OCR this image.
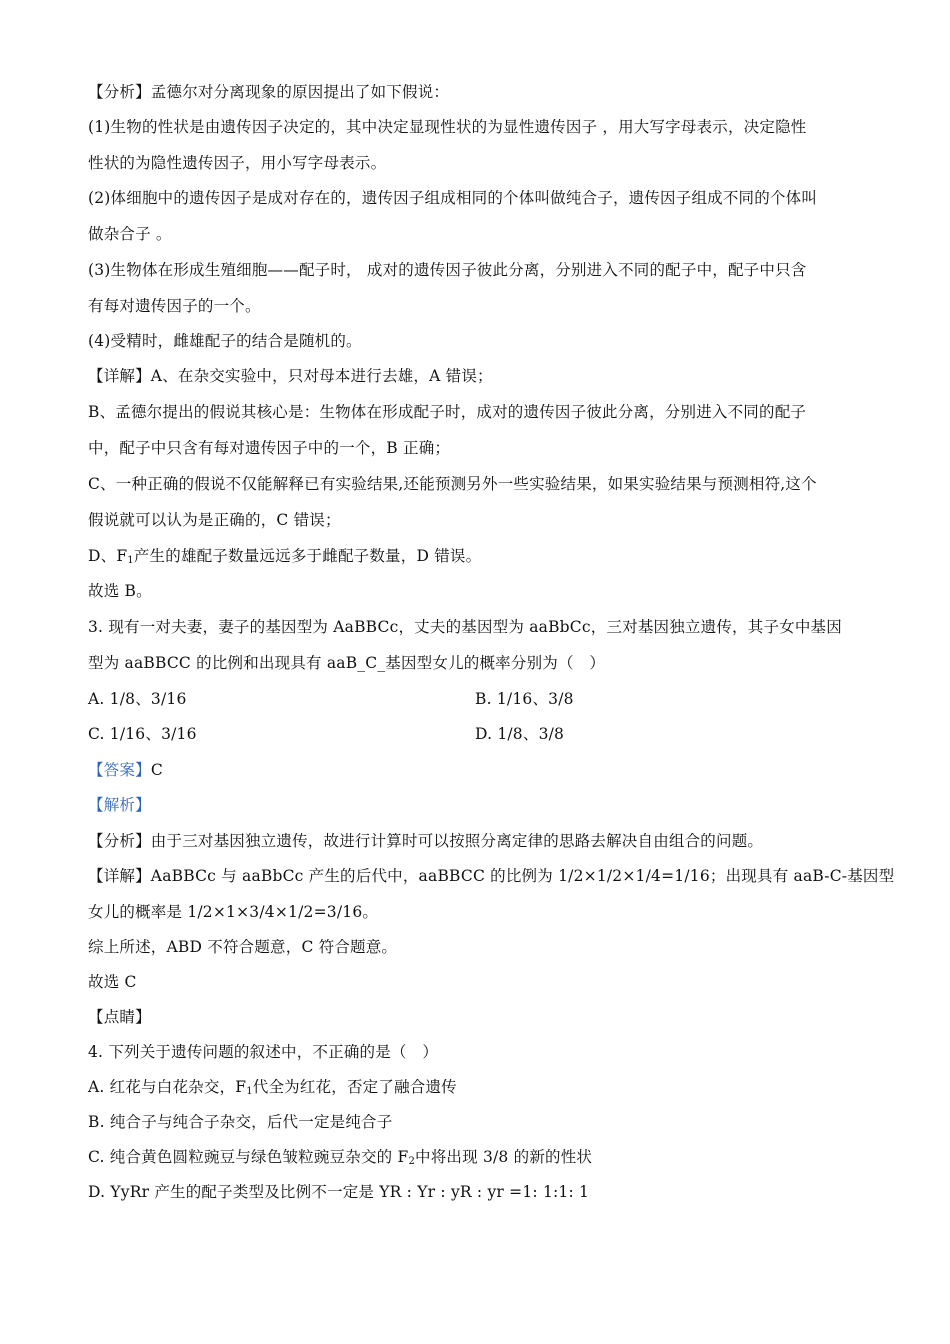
【分析】孟德尔对分离现象的原因提出了如下假说：
(1)生物的性状是由遗传因子决定的，其中决定显现性状的为显性遗传因子 ，用大写字母表示，决定隐性
性状的为隐性遗传因子，用小写字母表示。
(2)体细胞中的遗传因子是成对存在的，遗传因子组成相同的个体叫做纯合子，遗传因子组成不同的个体叫
做杂合子 。
(3)生物体在形成生殖细胞——配子时， 成对的遗传因子彼此分离，分别进入不同的配子中，配子中只含
有每对遗传因子的一个。
(4)受精时，雌雄配子的结合是随机的。
【详解】A、在杂交实验中，只对母本进行去雄，A 错误；
B、孟德尔提出的假说其核心是：生物体在形成配子时，成对的遗传因子彼此分离，分别进入不同的配子
中，配子中只含有每对遗传因子中的一个，B 正确；
C、一种正确的假说不仅能解释已有实验结果,还能预测另外一些实验结果，如果实验结果与预测相符,这个
假说就可以认为是正确的，C 错误；
D、$F_1$产生的雄配子数量远远多于雌配子数量，D 错误。
故选 B。
3. 现有一对夫妻，妻子的基因型为 AaBBCc，丈夫的基因型为 aaBbCc，三对基因独立遗传，其子女中基因
型为 aaBBCC 的比例和出现具有 aaB_C_基因型女儿的概率分别为（　）
A. 1/8、3/16	B. 1/16、3/8
C. 1/16、3/16	D. 1/8、3/8
【答案】C
【解析】
【分析】由于三对基因独立遗传，故进行计算时可以按照分离定律的思路去解决自由组合的问题。
【详解】AaBBCc 与 aaBbCc 产生的后代中，aaBBCC 的比例为 1/2×1/2×1/4=1/16；出现具有 aaB-C-基因型
女儿的概率是 1/2×1×3/4×1/2=3/16。
综上所述，ABD 不符合题意，C 符合题意。
故选 C
【点睛】
4. 下列关于遗传问题的叙述中，不正确的是（　）
A. 红花与白花杂交，$F_1$代全为红花，否定了融合遗传
B. 纯合子与纯合子杂交，后代一定是纯合子
C. 纯合黄色圆粒豌豆与绿色皱粒豌豆杂交的 $F_2$中将出现 3/8 的新的性状
D. YyRr 产生的配子类型及比例不一定是 YR : Yr : yR : yr =1: 1:1: 1
